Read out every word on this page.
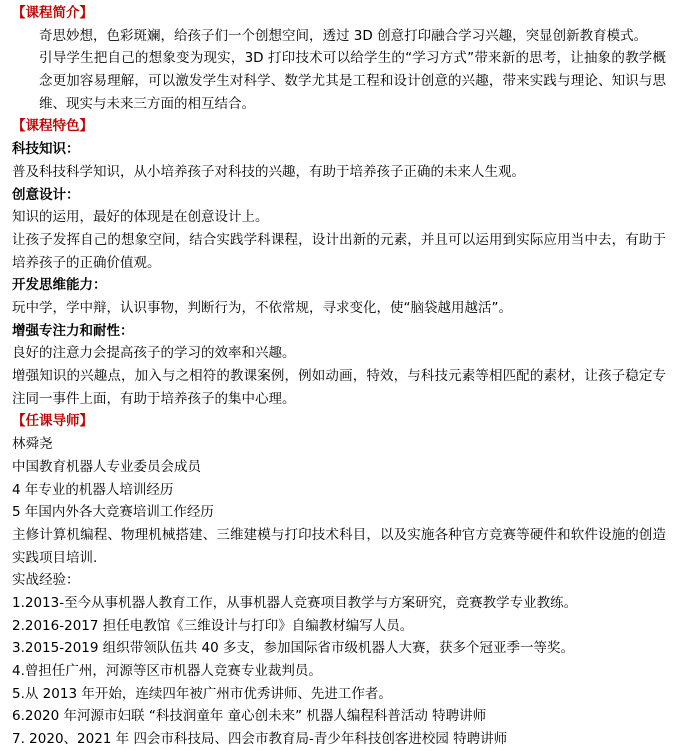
【课程简介】
奇思妙想，色彩斑斓，给孩子们一个创想空间，透过 3D 创意打印融合学习兴趣，突显创新教育模式。
引导学生把自己的想象变为现实，3D 打印技术可以给学生的“学习方式”带来新的思考，让抽象的教学概念更加容易理解，可以激发学生对科学、数学尤其是工程和设计创意的兴趣，带来实践与理论、知识与思维、现实与未来三方面的相互结合。
【课程特色】
科技知识：
普及科技科学知识，从小培养孩子对科技的兴趣，有助于培养孩子正确的未来人生观。
创意设计：
知识的运用，最好的体现是在创意设计上。
让孩子发挥自己的想象空间，结合实践学科课程，设计出新的元素，并且可以运用到实际应用当中去，有助于培养孩子的正确价值观。
开发思维能力：
玩中学，学中辩，认识事物，判断行为，不依常规，寻求变化，使“脑袋越用越活”。
增强专注力和耐性：
良好的注意力会提高孩子的学习的效率和兴趣。
增强知识的兴趣点，加入与之相符的教课案例，例如动画，特效，与科技元素等相匹配的素材，让孩子稳定专注同一事件上面，有助于培养孩子的集中心理。
【任课导师】
林舜尧
中国教育机器人专业委员会成员
4 年专业的机器人培训经历
5 年国内外各大竞赛培训工作经历
主修计算机编程、物理机械搭建、三维建模与打印技术科目，以及实施各种官方竞赛等硬件和软件设施的创造实践项目培训.
实战经验：
1.2013-至今从事机器人教育工作，从事机器人竞赛项目教学与方案研究，竞赛教学专业教练。
2.2016-2017 担任电教馆《三维设计与打印》自编教材编写人员。
3.2015-2019 组织带领队伍共 40 多支，参加国际省市级机器人大赛，获多个冠亚季一等奖。
4.曾担任广州，河源等区市机器人竞赛专业裁判员。
5.从 2013 年开始，连续四年被广州市优秀讲师、先进工作者。
6.2020 年河源市妇联 “科技润童年 童心创未来” 机器人编程科普活动 特聘讲师
7. 2020、2021 年 四会市科技局、四会市教育局-青少年科技创客进校园 特聘讲师
